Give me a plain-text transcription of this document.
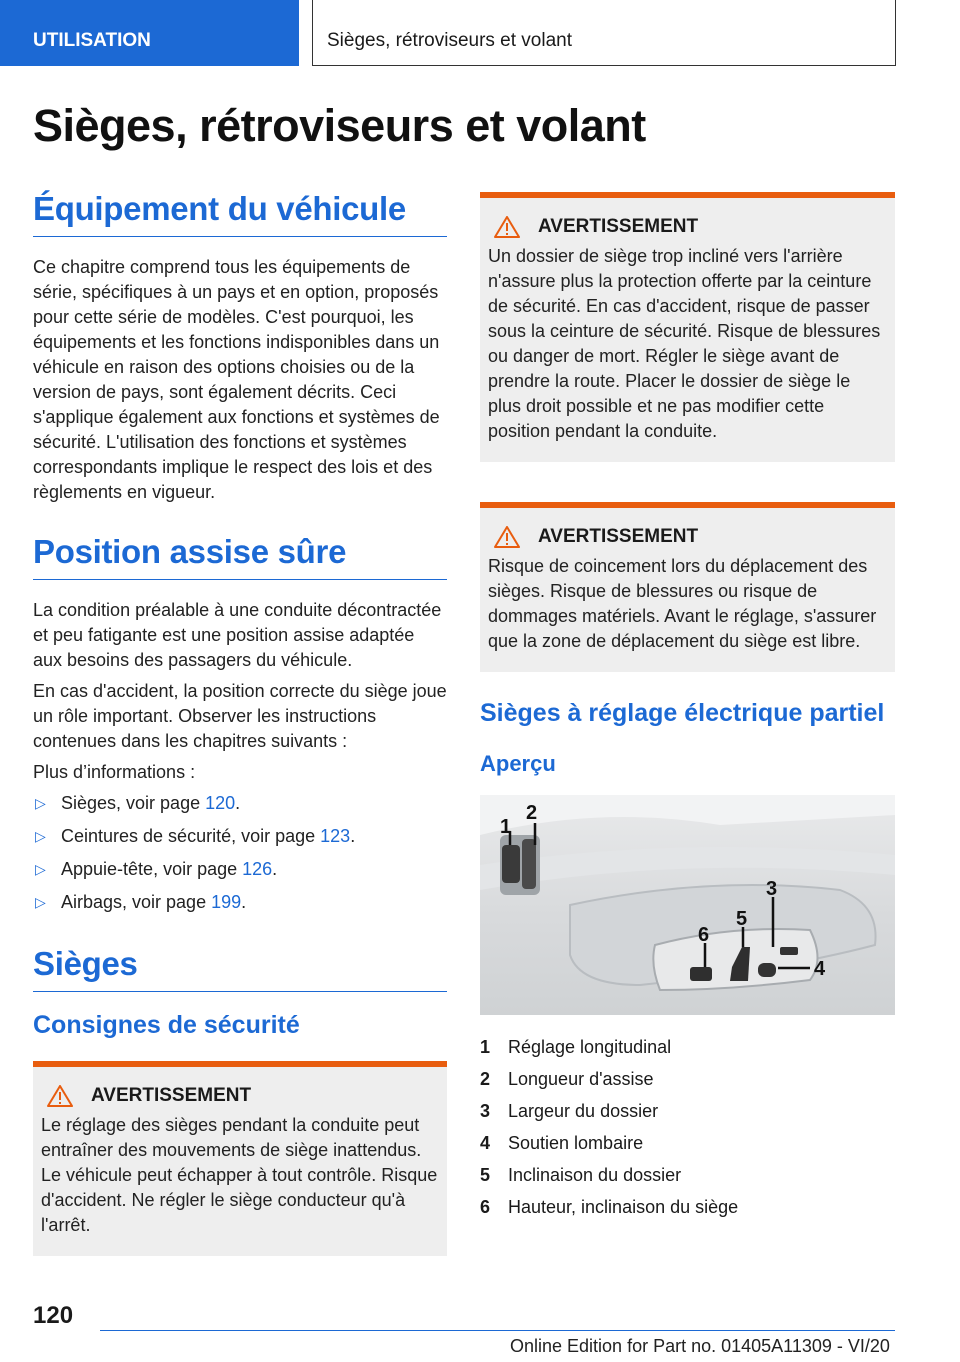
UTILISATION	Sièges, rétroviseurs et volant
Sièges, rétroviseurs et volant
Équipement du véhicule

Ce chapitre comprend tous les équipements de série, spécifiques à un pays et en option, proposés pour cette série de modèles. C'est pourquoi, les équipements et les fonctions indisponibles dans un véhicule en raison des options choisies ou de la version de pays, sont également décrits. Ceci s'applique également aux fonctions et systèmes de sécurité. L'utilisation des fonctions et systèmes correspondants implique le respect des lois et des règlements en vigueur.

Position assise sûre

La condition préalable à une conduite décontractée et peu fatigante est une position assise adaptée aux besoins des passagers du véhicule.

En cas d'accident, la position correcte du siège joue un rôle important. Observer les instructions contenues dans les chapitres suivants :

Plus d’informations :

▷ Sièges, voir page 120.
▷ Ceintures de sécurité, voir page 123.
▷ Appuie-tête, voir page 126.
▷ Airbags, voir page 199.
Sièges
Consignes de sécurité
AVERTISSEMENT

Le réglage des sièges pendant la conduite peut entraîner des mouvements de siège inattendus. Le véhicule peut échapper à tout contrôle. Risque d'accident. Ne régler le siège conducteur qu'à l'arrêt.

AVERTISSEMENT

Un dossier de siège trop incliné vers l'arrière n'assure plus la protection offerte par la ceinture de sécurité. En cas d'accident, risque de passer sous la ceinture de sécurité. Risque de blessures ou danger de mort. Régler le siège avant de prendre la route. Placer le dossier de siège le plus droit possible et ne pas modifier cette position pendant la conduite.

AVERTISSEMENT

Risque de coincement lors du déplacement des sièges. Risque de blessures ou risque de dommages matériels. Avant le réglage, s'assurer que la zone de déplacement du siège est libre.

Sièges à réglage électrique partiel
Aperçu
1
2
3
4
5
6
1 Réglage longitudinal
2 Longueur d'assise
3 Largeur du dossier
4 Soutien lombaire
5 Inclinaison du dossier
6 Hauteur, inclinaison du siège
120
Online Edition for Part no. 01405A11309 - VI/20
